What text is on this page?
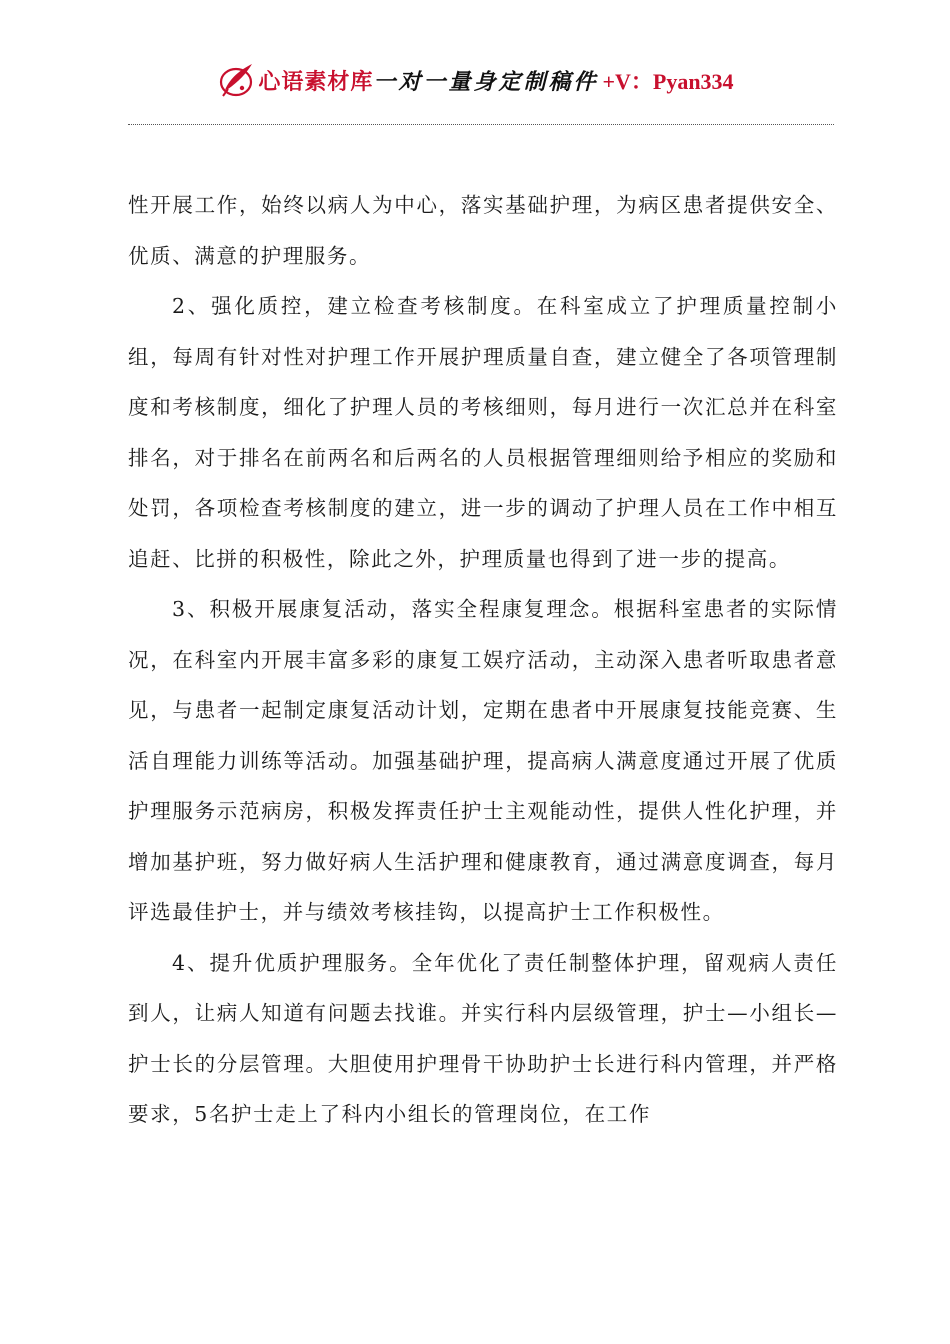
心语素材库 一对一量身定制稿件 +V：Pyan334

性开展工作，始终以病人为中心，落实基础护理，为病区患者提供安全、优质、满意的护理服务。

2、强化质控，建立检查考核制度。在科室成立了护理质量控制小组，每周有针对性对护理工作开展护理质量自查，建立健全了各项管理制度和考核制度，细化了护理人员的考核细则，每月进行一次汇总并在科室排名，对于排名在前两名和后两名的人员根据管理细则给予相应的奖励和处罚，各项检查考核制度的建立，进一步的调动了护理人员在工作中相互追赶、比拼的积极性，除此之外，护理质量也得到了进一步的提高。

3、积极开展康复活动，落实全程康复理念。根据科室患者的实际情况，在科室内开展丰富多彩的康复工娱疗活动，主动深入患者听取患者意见，与患者一起制定康复活动计划，定期在患者中开展康复技能竞赛、生活自理能力训练等活动。加强基础护理，提高病人满意度通过开展了优质护理服务示范病房，积极发挥责任护士主观能动性，提供人性化护理，并增加基护班，努力做好病人生活护理和健康教育，通过满意度调查，每月评选最佳护士，并与绩效考核挂钩，以提高护士工作积极性。

4、提升优质护理服务。全年优化了责任制整体护理，留观病人责任到人，让病人知道有问题去找谁。并实行科内层级管理，护士—小组长—护士长的分层管理。大胆使用护理骨干协助护士长进行科内管理，并严格要求，5名护士走上了科内小组长的管理岗位，在工作
